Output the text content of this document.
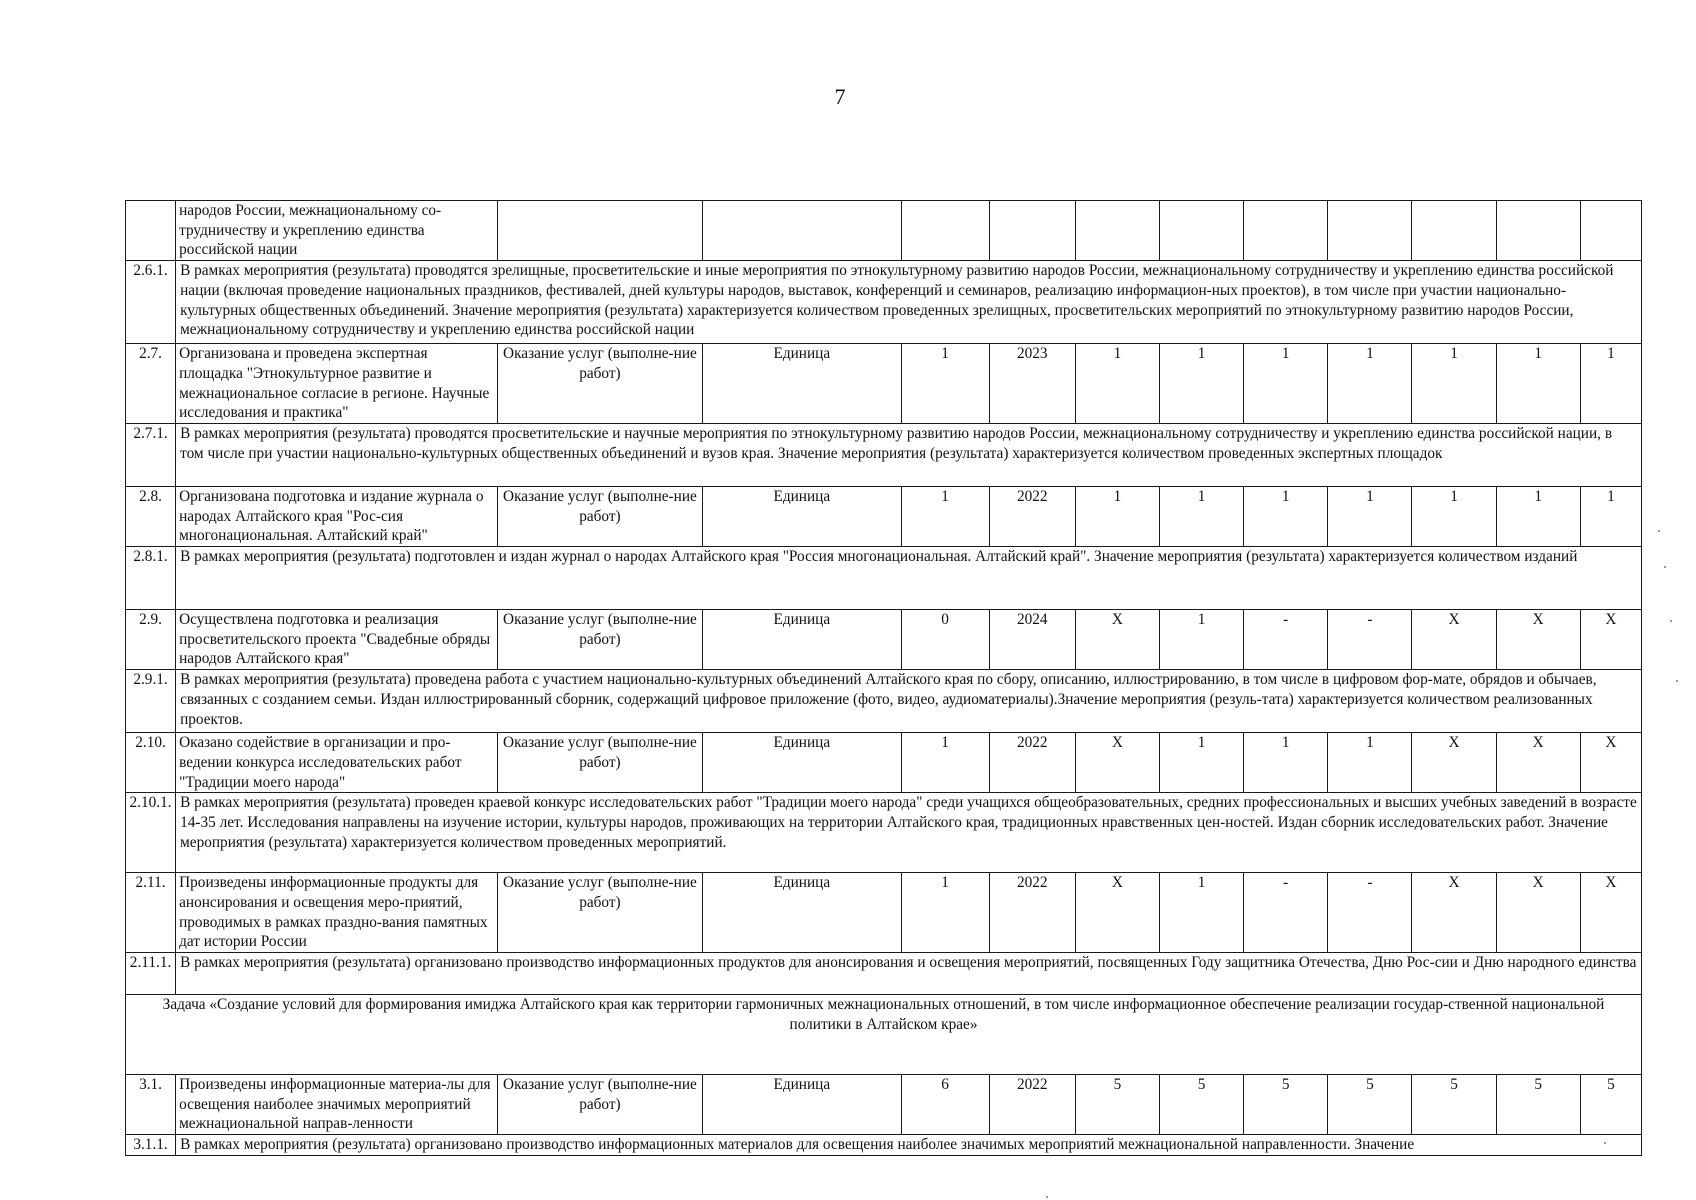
7
	народов России, межнациональному со-трудничеству и укреплению единства российской нации											
2.6.1.	В рамках мероприятия (результата) проводятся зрелищные, просветительские и иные мероприятия по этнокультурному развитию народов России, межнациональному сотрудничеству и укреплению единства российской нации (включая проведение национальных праздников, фестивалей, дней культуры народов, выставок, конференций и семинаров, реализацию информацион-ных проектов), в том числе при участии национально-культурных общественных объединений. Значение мероприятия (результата) характеризуется количеством проведенных зрелищных, просветительских мероприятий по этнокультурному развитию народов России, межнациональному сотрудничеству и укреплению единства российской нации											
2.7.	Организована и проведена экспертная площадка "Этнокультурное развитие и межнациональное согласие в регионе. Научные исследования и практика"	Оказание услуг (выполне-ние работ)	Единица	1	2023	1	1	1	1	1	1	1
2.7.1.	В рамках мероприятия (результата) проводятся просветительские и научные мероприятия по этнокультурному развитию народов России, межнациональному сотрудничеству и укреплению единства российской нации, в том числе при участии национально-культурных общественных объединений и вузов края. Значение мероприятия (результата) характеризуется количеством проведенных экспертных площадок											
2.8.	Организована подготовка и издание журнала о народах Алтайского края "Рос-сия многонациональная. Алтайский край"	Оказание услуг (выполне-ние работ)	Единица	1	2022	1	1	1	1	1	1	1
2.8.1.	В рамках мероприятия (результата) подготовлен и издан журнал о народах Алтайского края "Россия многонациональная. Алтайский край". Значение мероприятия (результата) характеризуется количеством изданий											
2.9.	Осуществлена подготовка и реализация просветительского проекта "Свадебные обряды народов Алтайского края"	Оказание услуг (выполне-ние работ)	Единица	0	2024	X	1	-	-	X	X	X
2.9.1.	В рамках мероприятия (результата) проведена работа с участием национально-культурных объединений Алтайского края по сбору, описанию, иллюстрированию, в том числе в цифровом фор-мате, обрядов и обычаев, связанных с созданием семьи. Издан иллюстрированный сборник, содержащий цифровое приложение (фото, видео, аудиоматериалы).Значение мероприятия (резуль-тата) характеризуется количеством реализованных проектов.											
2.10.	Оказано содействие в организации и про-ведении конкурса исследовательских работ "Традиции моего народа"	Оказание услуг (выполне-ние работ)	Единица	1	2022	X	1	1	1	X	X	X
2.10.1.	В рамках мероприятия (результата) проведен краевой конкурс исследовательских работ "Традиции моего народа" среди учащихся общеобразовательных, средних профессиональных и высших учебных заведений в возрасте 14-35 лет. Исследования направлены на изучение истории, культуры народов, проживающих на территории Алтайского края, традиционных нравственных цен-ностей. Издан сборник исследовательских работ. Значение мероприятия (результата) характеризуется количеством проведенных мероприятий.											
2.11.	Произведены информационные продукты для анонсирования и освещения меро-приятий, проводимых в рамках праздно-вания памятных дат истории России	Оказание услуг (выполне-ние работ)	Единица	1	2022	X	1	-	-	X	X	X
2.11.1.	В рамках мероприятия (результата) организовано производство информационных продуктов для анонсирования и освещения мероприятий, посвященных Году защитника Отечества, Дню Рос-сии и Дню народного единства											
Задача «Создание условий для формирования имиджа Алтайского края как территории гармоничных межнациональных отношений, в том числе информационное обеспечение реализации государ-ственной национальной политики в Алтайском крае»												
3.1.	Произведены информационные материа-лы для освещения наиболее значимых мероприятий межнациональной направ-ленности	Оказание услуг (выполне-ние работ)	Единица	6	2022	5	5	5	5	5	5	5
3.1.1.	В рамках мероприятия (результата) организовано производство информационных материалов для освещения наиболее значимых мероприятий межнациональной направленности. Значение											
